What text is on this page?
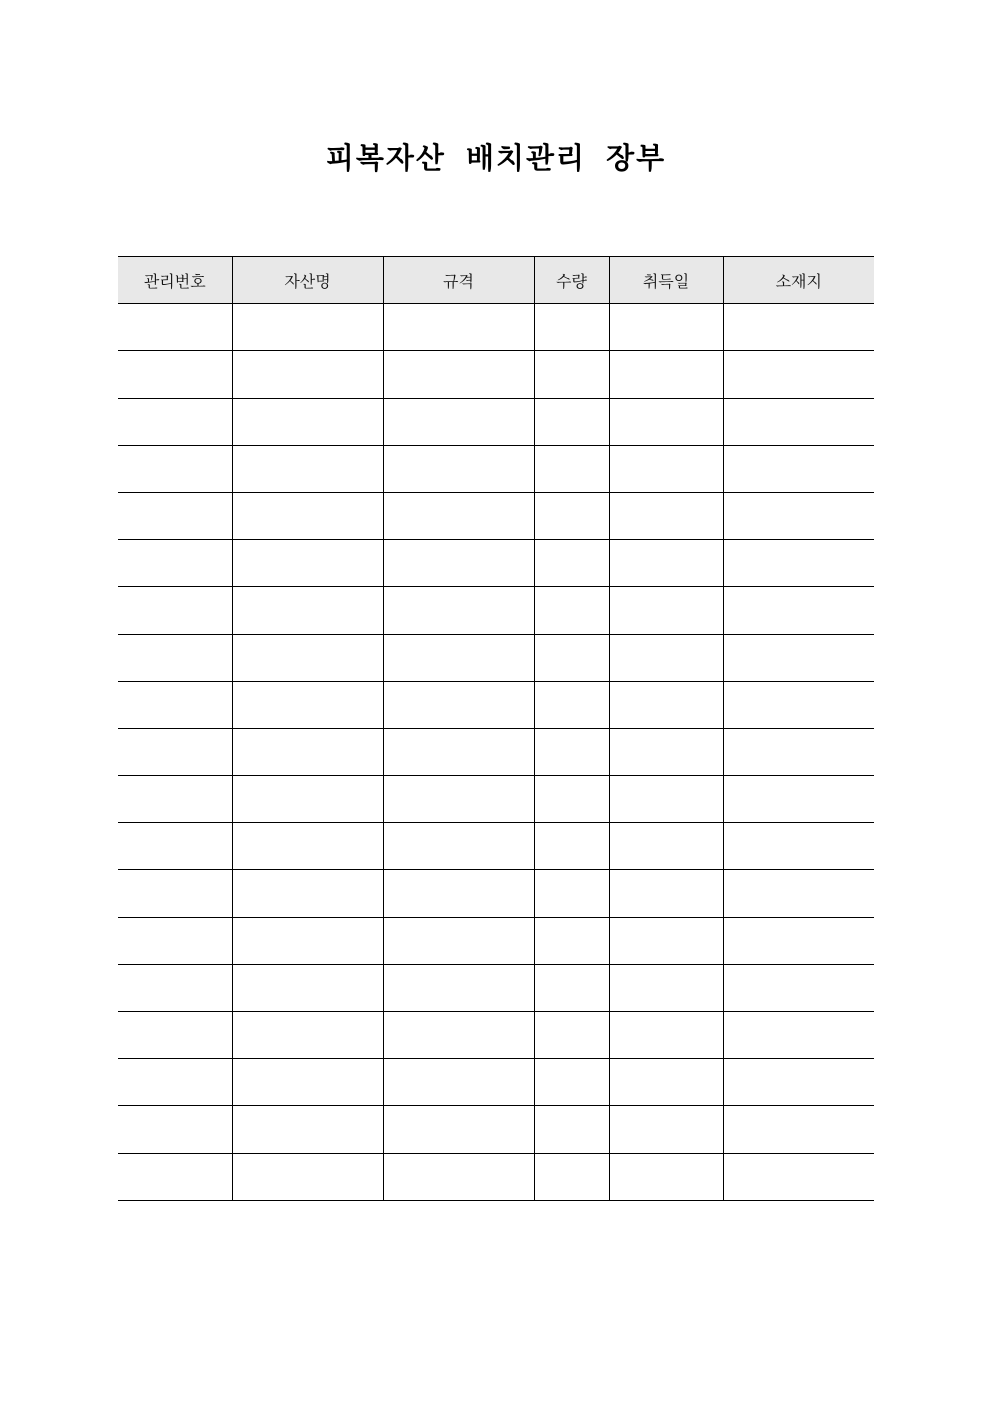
피복자산 배치관리 장부
관리번호	자산명	규격	수량	취득일	소재지
